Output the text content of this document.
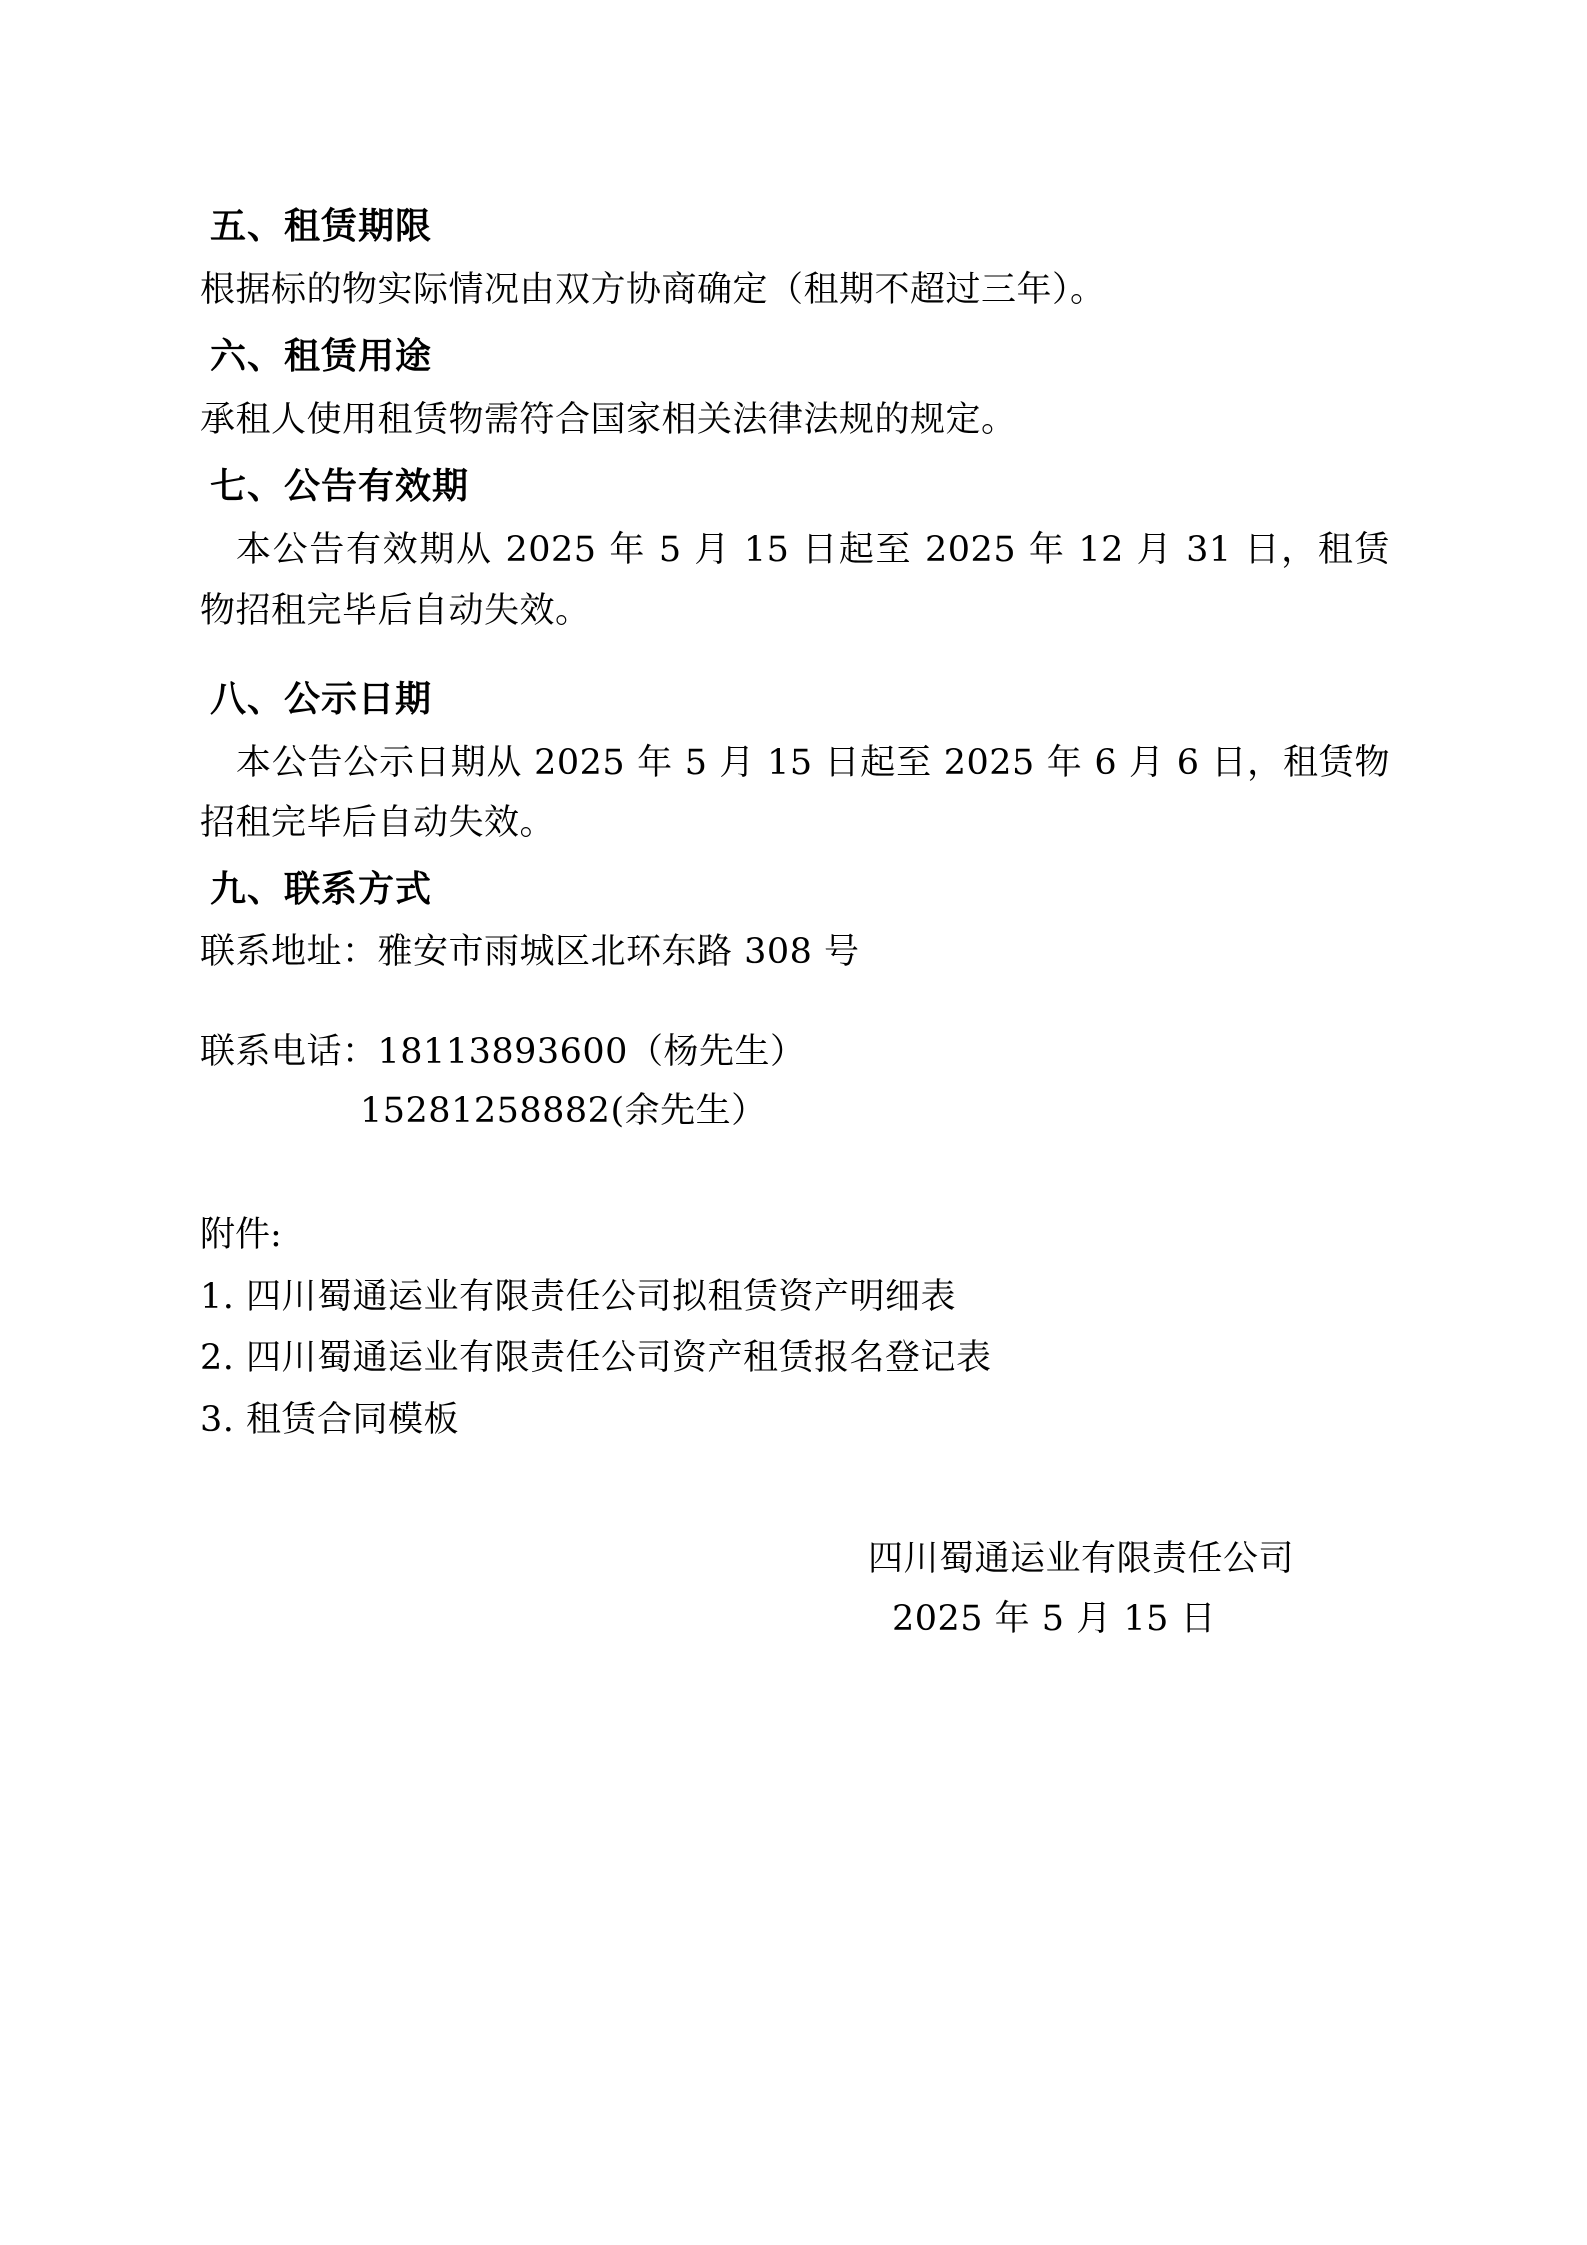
五、租赁期限

根据标的物实际情况由双方协商确定（租期不超过三年）。

六、租赁用途

承租人使用租赁物需符合国家相关法律法规的规定。

七、公告有效期

本公告有效期从 2025 年 5 月 15 日起至 2025 年 12 月 31 日，租赁物招租完毕后自动失效。

八、公示日期

本公告公示日期从 2025 年 5 月 15 日起至 2025 年 6 月 6 日，租赁物招租完毕后自动失效。

九、联系方式

联系地址：雅安市雨城区北环东路 308 号

联系电话：18113893600（杨先生）

15281258882(余先生）

附件:

1. 四川蜀通运业有限责任公司拟租赁资产明细表

2. 四川蜀通运业有限责任公司资产租赁报名登记表

3. 租赁合同模板

四川蜀通运业有限责任公司
2025 年 5 月 15 日
